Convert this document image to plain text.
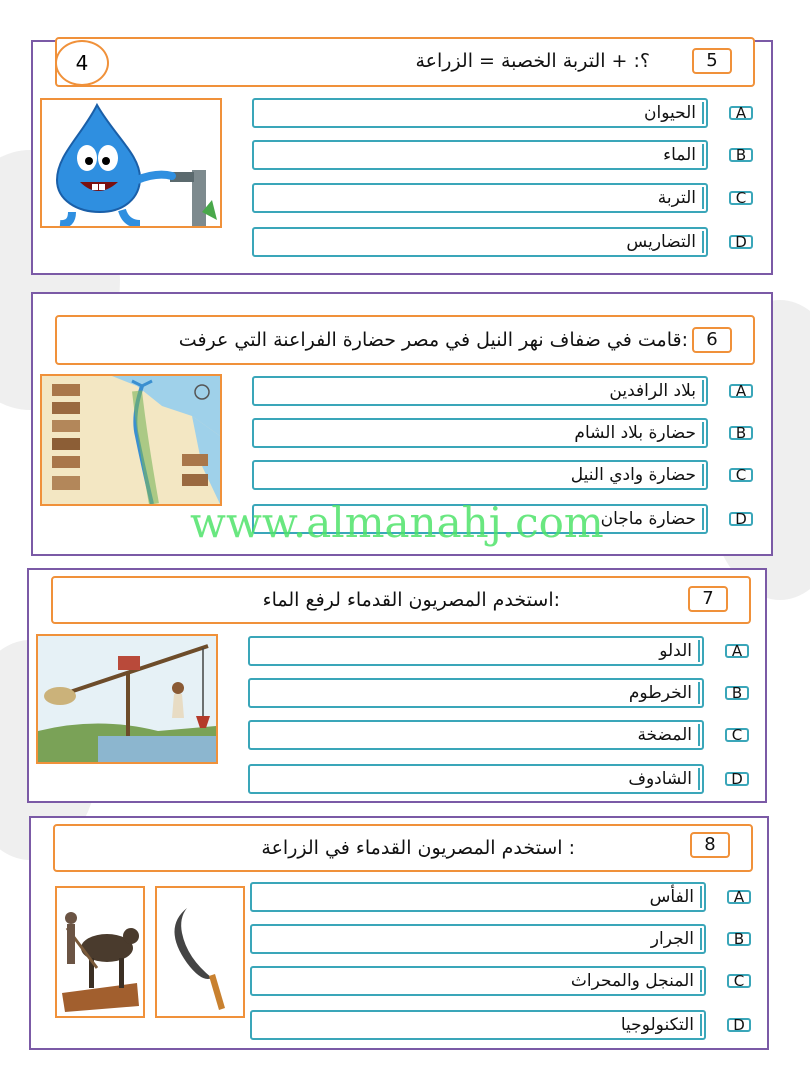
4	؟: + التربة الخصبة = الزراعة	5
الحيوان	A
الماء	B
التربة	C
التضاريس	D
:قامت في ضفاف نهر النيل في مصر حضارة الفراعنة التي عرفت	6
بلاد الرافدين	A
حضارة بلاد الشام	B
حضارة وادي النيل	C
حضارة ماجان	D
:استخدم المصريون القدماء لرفع الماء	7
الدلو	A
الخرطوم	B
المضخة	C
الشادوف	D
: استخدم المصريون القدماء في الزراعة	8
الفأس	A
الجرار	B
المنجل والمحراث	C
التكنولوجيا	D
www.almanahj.com
